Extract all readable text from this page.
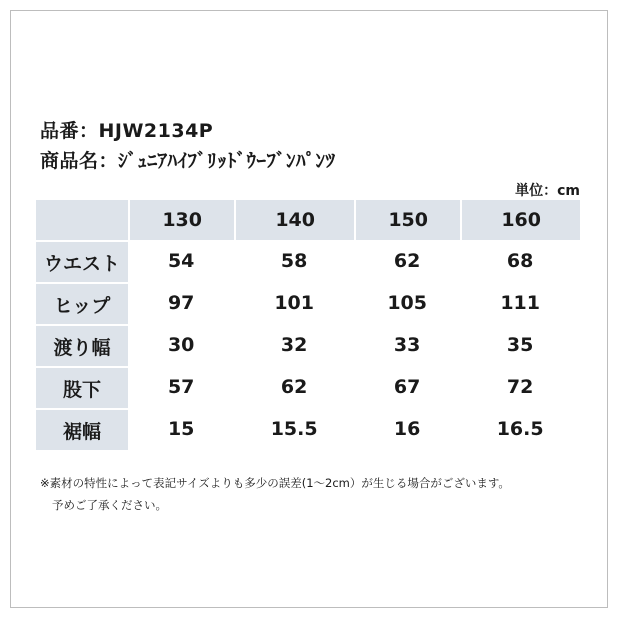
品番：HJW2134P
商品名：ｼﾞｭﾆｱﾊｲﾌﾞﾘｯﾄﾞｳｰﾌﾞﾝﾊﾟﾝﾂ
単位：cm
	130	140	150	160
ウエスト	54	58	62	68
ヒップ	97	101	105	111
渡り幅	30	32	33	35
股下	57	62	67	72
裾幅	15	15.5	16	16.5
※素材の特性によって表記サイズよりも多少の誤差(1～2cm）が生じる場合がございます。
予めご了承ください。
